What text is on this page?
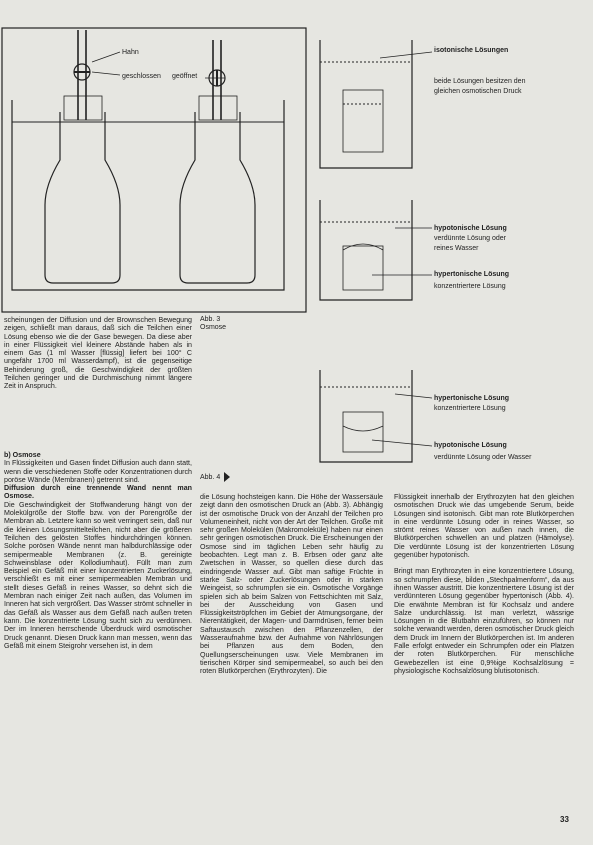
Hahn
geschlossen geöffnet
isotonische Lösungen
beide Lösungen besitzen den
gleichen osmotischen Druck
hypotonische Lösung
verdünnte Lösung oder
reines Wasser
hypertonische Lösung
konzentriertere Lösung
hypertonische Lösung
konzentriertere Lösung
hypotonische Lösung
verdünnte Lösung oder Wasser
Abb. 3
Osmose
Abb. 4

scheinungen der Diffusion und der Brownschen Bewegung zeigen, schließt man daraus, daß sich die Teilchen einer Lösung ebenso wie die der Gase bewegen. Da diese aber in einer Flüssigkeit viel kleinere Abstände haben als in einem Gas (1 ml Wasser [flüssig] liefert bei 100° C ungefähr 1700 ml Wasserdampf), ist die gegenseitige Behinderung groß, die Geschwindigkeit der größten Teilchen geringer und die Durchmischung nimmt längere Zeit in Anspruch.

b) Osmose

In Flüssigkeiten und Gasen findet Diffusion auch dann statt, wenn die verschiedenen Stoffe oder Konzentrationen durch poröse Wände (Membranen) getrennt sind.

Diffusion durch eine trennende Wand nennt man Osmose.

Die Geschwindigkeit der Stoffwanderung hängt von der Molekülgröße der Stoffe bzw. von der Porengröße der Membran ab. Letztere kann so weit verringert sein, daß nur die kleinen Lösungsmittelteilchen, nicht aber die größeren Teilchen des gelösten Stoffes hindurchdringen können. Solche porösen Wände nennt man halbdurchlässige oder semipermeable Membranen (z. B. gereinigte Schweinsblase oder Kollodiumhaut). Füllt man zum Beispiel ein Gefäß mit einer konzentrierten Zuckerlösung, verschließt es mit einer semipermeablen Membran und stellt dieses Gefäß in reines Wasser, so dehnt sich die Membran nach einiger Zeit nach außen, das Volumen im Inneren hat sich vergrößert. Das Wasser strömt schneller in das Gefäß als Wasser aus dem Gefäß nach außen treten kann. Die konzentrierte Lösung sucht sich zu verdünnen. Der im Inneren herrschende Überdruck wird osmotischer Druck genannt. Diesen Druck kann man messen, wenn das Gefäß mit einem Steigrohr versehen ist, in dem

die Lösung hochsteigen kann. Die Höhe der Wassersäule zeigt dann den osmotischen Druck an (Abb. 3). Abhängig ist der osmotische Druck von der Anzahl der Teilchen pro Volumeneinheit, nicht von der Art der Teilchen. Große mit sehr großen Molekülen (Makromoleküle) haben nur einen sehr geringen osmotischen Druck. Die Erscheinungen der Osmose sind im täglichen Leben sehr häufig zu beobachten. Legt man z. B. Erbsen oder ganz alte Zwetschen in Wasser, so quellen diese durch das eindringende Wasser auf. Gibt man saftige Früchte in starke Salz- oder Zuckerlösungen oder in starken Weingeist, so schrumpfen sie ein. Osmotische Vorgänge spielen sich ab beim Salzen von Fettschichten mit Salz, bei der Ausscheidung von Gasen und Flüssigkeitströpfchen im Gebiet der Atmungsorgane, der Nierentätigkeit, der Magen- und Darmdrüsen, ferner beim Saftaustausch zwischen den Pflanzenzellen, der Wasseraufnahme bzw. der Aufnahme von Nährlösungen bei Pflanzen aus dem Boden, den Quellungserscheinungen usw. Viele Membranen im tierischen Körper sind semipermeabel, so auch bei den roten Blutkörperchen (Erythrozyten). Die

Flüssigkeit innerhalb der Erythrozyten hat den gleichen osmotischen Druck wie das umgebende Serum, beide Lösungen sind isotonisch. Gibt man rote Blutkörperchen in eine verdünnte Lösung oder in reines Wasser, so strömt reines Wasser von außen nach innen, die Blutkörperchen schwellen an und platzen (Hämolyse). Die verdünnte Lösung ist der konzentrierten Lösung gegenüber hypotonisch.

Bringt man Erythrozyten in eine konzentriertere Lösung, so schrumpfen diese, bilden „Stechpalmenform“, da aus ihnen Wasser austritt. Die konzentriertere Lösung ist der verdünnteren Lösung gegenüber hypertonisch (Abb. 4). Die erwähnte Membran ist für Kochsalz und andere Salze undurchlässig. Ist man verletzt, wässrige Lösungen in die Blutbahn einzuführen, so können nur solche verwandt werden, deren osmotischer Druck gleich dem Druck im Innern der Blutkörperchen ist. Im anderen Falle erfolgt entweder ein Schrumpfen oder ein Platzen der roten Blutkörperchen. Für menschliche Gewebezellen ist eine 0,9%ige Kochsalzlösung = physiologische Kochsalzlösung blutisotonisch.

33
